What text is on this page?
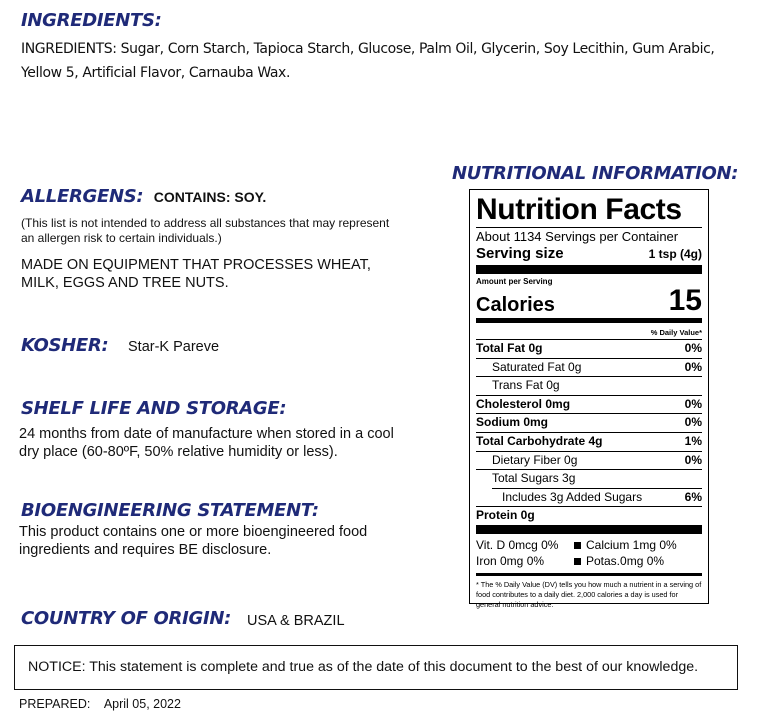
INGREDIENTS:
INGREDIENTS: Sugar, Corn Starch, Tapioca Starch, Glucose, Palm Oil, Glycerin, Soy Lecithin, Gum Arabic,
Yellow 5, Artificial Flavor, Carnauba Wax.
NUTRITIONAL INFORMATION:
ALLERGENS: CONTAINS: SOY.
(This list is not intended to address all substances that may represent
an allergen risk to certain individuals.)
MADE ON EQUIPMENT THAT PROCESSES WHEAT,
MILK, EGGS AND TREE NUTS.
KOSHER: Star-K Pareve
SHELF LIFE AND STORAGE:
24 months from date of manufacture when stored in a cool
dry place (60-80ºF, 50% relative humidity or less).
BIOENGINEERING STATEMENT:
This product contains one or more bioengineered food
ingredients and requires BE disclosure.
COUNTRY OF ORIGIN: USA & BRAZIL
Nutrition Facts
About 1134 Servings per Container
Serving size	1 tsp (4g)
Amount per Serving
Calories	15
% Daily Value*
Total Fat 0g	0%
Saturated Fat 0g	0%
Trans Fat 0g
Cholesterol 0mg	0%
Sodium 0mg	0%
Total Carbohydrate 4g	1%
Dietary Fiber 0g	0%
Total Sugars 3g
Includes 3g Added Sugars	6%
Protein 0g
Vit. D 0mcg 0%	Calcium 1mg 0%
Iron 0mg 0%	Potas.0mg 0%
* The % Daily Value (DV) tells you how much a nutrient in a serving of food contributes to a daily diet. 2,000 calories a day is used for general nutrition advice.
NOTICE: This statement is complete and true as of the date of this document to the best of our knowledge.
PREPARED: April 05, 2022
